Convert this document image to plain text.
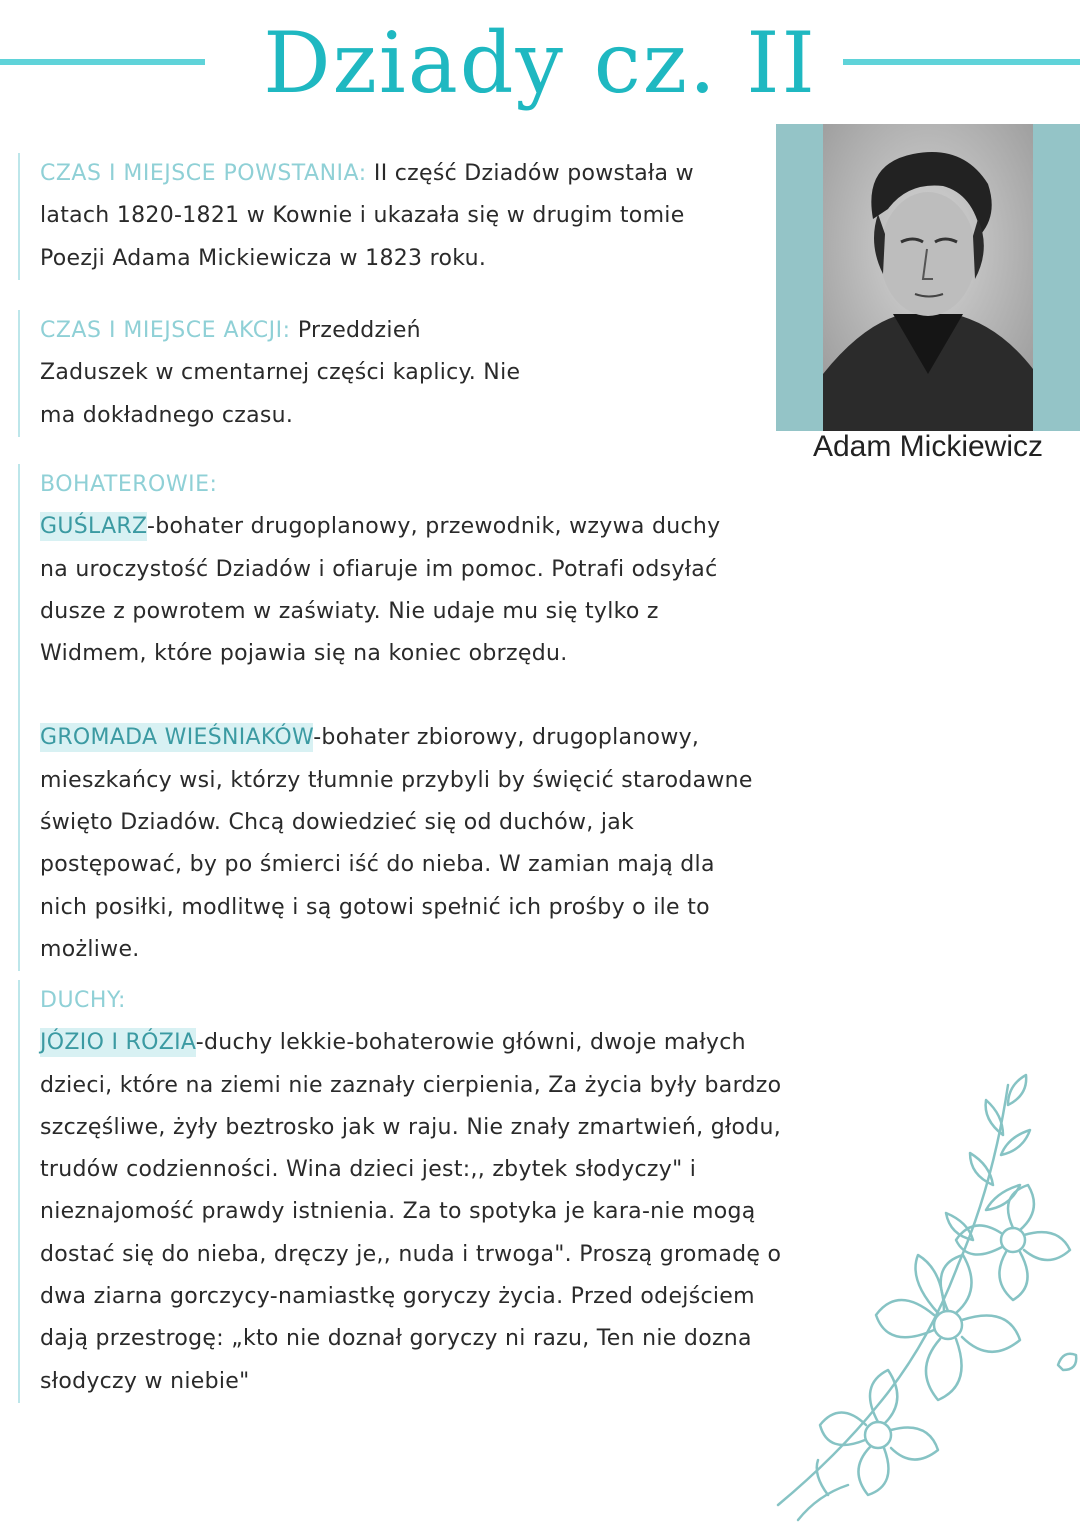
Dziady cz. II

CZAS I MIEJSCE POWSTANIA: II część Dziadów powstała w

latach 1820-1821 w Kownie i ukazała się w drugim tomie

Poezji Adama Mickiewicza w 1823 roku.

CZAS I MIEJSCE AKCJI: Przeddzień

Zaduszek w cmentarnej części kaplicy. Nie

ma dokładnego czasu.

BOHATEROWIE:

GUŚLARZ-bohater drugoplanowy, przewodnik, wzywa duchy

na uroczystość Dziadów i ofiaruje im pomoc. Potrafi odsyłać

dusze z powrotem w zaświaty. Nie udaje mu się tylko z

Widmem, które pojawia się na koniec obrzędu.

GROMADA WIEŚNIAKÓW-bohater zbiorowy, drugoplanowy,

mieszkańcy wsi, którzy tłumnie przybyli by święcić starodawne

święto Dziadów. Chcą dowiedzieć się od duchów, jak

postępować, by po śmierci iść do nieba. W zamian mają dla

nich posiłki, modlitwę i są gotowi spełnić ich prośby o ile to

możliwe.

DUCHY:

JÓZIO I RÓZIA-duchy lekkie-bohaterowie główni, dwoje małych

dzieci, które na ziemi nie zaznały cierpienia, Za życia były bardzo

szczęśliwe, żyły beztrosko jak w raju. Nie znały zmartwień, głodu,

trudów codzienności. Wina dzieci jest:,, zbytek słodyczy" i

nieznajomość prawdy istnienia. Za to spotyka je kara-nie mogą

dostać się do nieba, dręczy je,, nuda i trwoga". Proszą gromadę o

dwa ziarna gorczycy-namiastkę goryczy życia. Przed odejściem

dają przestrogę: „kto nie doznał goryczy ni razu, Ten nie dozna

słodyczy w niebie"

Adam Mickiewicz
